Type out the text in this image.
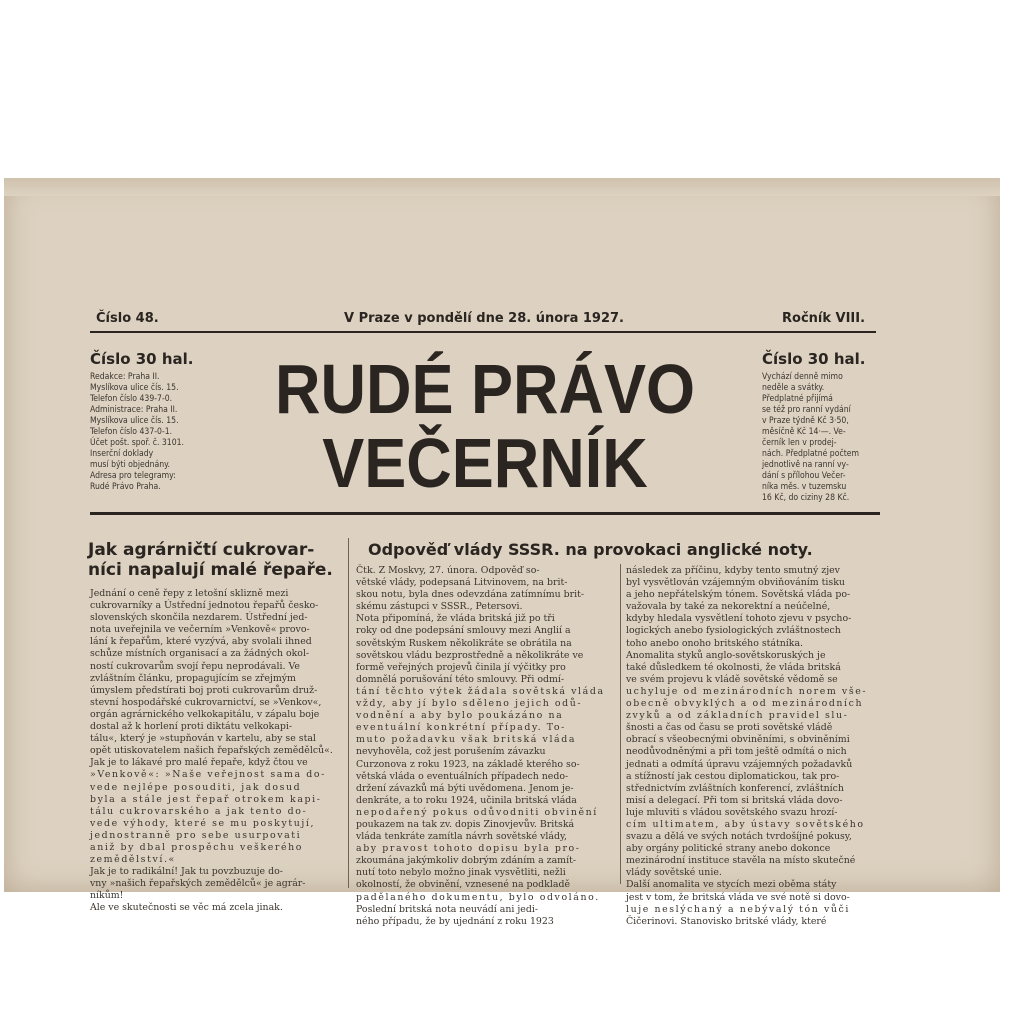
Číslo 48.	V Praze v pondělí dne 28. února 1927.	Ročník VIII.
Číslo 30 hal.
Redakce: Praha II.
Myslíkova ulice čís. 15.
Telefon číslo 439-7-0.
Administrace: Praha II.
Myslíkova ulice čís. 15.
Telefon číslo 437-0-1.
Účet pošt. spoř. č. 3101.
Inserční doklady
musí býti objednány.
Adresa pro telegramy:
Rudé Právo Praha.
RUDÉ PRÁVO
VEČERNÍK
Číslo 30 hal.
Vychází denně mimo
neděle a svátky.
Předplatné přijímá
se též pro ranní vydání
v Praze týdně Kč 3·50,
měsíčně Kč 14·—. Ve-
černík len v prodej-
nách. Předplatné počtem
jednotlivě na ranní vy-
dání s přílohou Večer-
níka měs. v tuzemsku
16 Kč, do ciziny 28 Kč.
Jak agrárničtí cukrovar-
níci napalují malé řepaře.
Jednání o ceně řepy z letošní sklizně mezi
cukrovarníky a Ústřední jednotou řepařů česko-
slovenských skončila nezdarem. Ústřední jed-
nota uveřejnila ve večerním »Venkově« provo-
lání k řepařům, které vyzývá, aby svolali ihned
schůze místních organisací a za žádných okol-
ností cukrovarům svojí řepu neprodávali. Ve
zvláštním článku, propagujícím se zřejmým
úmyslem předstírati boj proti cukrovarům druž-
stevní hospodářské cukrovarnictví, se »Venkov«,
orgán agrárnického velkokapitálu, v zápalu boje
dostal až k horlení proti diktátu velkokapi-
tálu«, který je »stupňován v kartelu, aby se stal
opět utiskovatelem našich řepařských zemědělců«.
Jak je to lákavé pro malé řepaře, když čtou ve
»Venkově«: »Naše veřejnost sama do-
vede nejlépe posouditi, jak dosud
byla a stále jest řepař otrokem kapi-
tálu cukrovarského a jak tento do-
vede výhody, které se mu poskytují,
jednostranně pro sebe usurpovati
aniž by dbal prospěchu veškerého
zemědělství.«
Jak je to radikální! Jak tu povzbuzuje do-
vny »našich řepařských zemědělců« je agrár-
níkům!
Ale ve skutečnosti se věc má zcela jinak.
Odpověď vlády SSSR. na provokaci anglické noty.
Čtk. Z Moskvy, 27. února. Odpověď so-
větské vlády, podepsaná Litvinovem, na brit-
skou notu, byla dnes odevzdána zatímnímu brit-
skému zástupci v SSSR., Petersovi.
Nota připomíná, že vláda britská již po tři
roky od dne podepsání smlouvy mezi Anglií a
sovětským Ruskem několikráte se obrátila na
sovětskou vládu bezprostředně a několikráte ve
formě veřejných projevů činila jí výčitky pro
domnělá porušování této smlouvy. Při odmí-
tání těchto výtek žádala sovětská vláda
vždy, aby jí bylo sděleno jejich odů-
vodnění a aby bylo poukázáno na
eventuální konkrétní případy. To-
muto požadavku však britská vláda
nevyhověla, což jest porušením závazku
Curzonova z roku 1923, na základě kterého so-
větská vláda o eventuálních případech nedo-
držení závazků má býti uvědomena. Jenom je-
denkráte, a to roku 1924, učinila britská vláda
nepodařený pokus odůvodniti obvinění
poukazem na tak zv. dopis Zinovjevův. Britská
vláda tenkráte zamítla návrh sovětské vlády,
aby pravost tohoto dopisu byla pro-
zkoumána jakýmkoliv dobrým zdáním a zamít-
nutí toto nebylo možno jinak vysvětliti, nežli
okolností, že obvinění, vznesené na podkladě
padělaného dokumentu, bylo odvoláno.
Poslední britská nota neuvádí ani jedi-
ného případu, že by ujednání z roku 1923
následek za příčinu, kdyby tento smutný zjev
byl vysvětlován vzájemným obviňováním tisku
a jeho nepřátelským tónem. Sovětská vláda po-
važovala by také za nekorektní a neúčelné,
kdyby hledala vysvětlení tohoto zjevu v psycho-
logických anebo fysiologických zvláštnostech
toho anebo onoho britského státníka.
Anomalita styků anglo-sovětskoruských je
také důsledkem té okolnosti, že vláda britská
ve svém projevu k vládě sovětské vědomě se
uchyluje od mezinárodních norem vše-
obecně obvyklých a od mezinárodních
zvyků a od základních pravidel slu-
šnosti a čas od času se proti sovětské vládě
obrací s všeobecnými obviněními, s obviněními
neodůvodněnými a při tom ještě odmítá o nich
jednati a odmítá úpravu vzájemných požadavků
a stížností jak cestou diplomatickou, tak pro-
střednictvím zvláštních konferencí, zvláštních
misí a delegací. Při tom si britská vláda dovo-
luje mluviti s vládou sovětského svazu hrozí-
cím ultimatem, aby ústavy sovětského
svazu a dělá ve svých notách tvrdošíjné pokusy,
aby orgány politické strany anebo dokonce
mezinárodní instituce stavěla na místo skutečné
vlády sovětské unie.
Další anomalita ve stycích mezi oběma státy
jest v tom, že britská vláda ve své notě si dovo-
luje neslýchaný a nebývalý tón vůči
Čičerinovi. Stanovisko britské vlády, které
